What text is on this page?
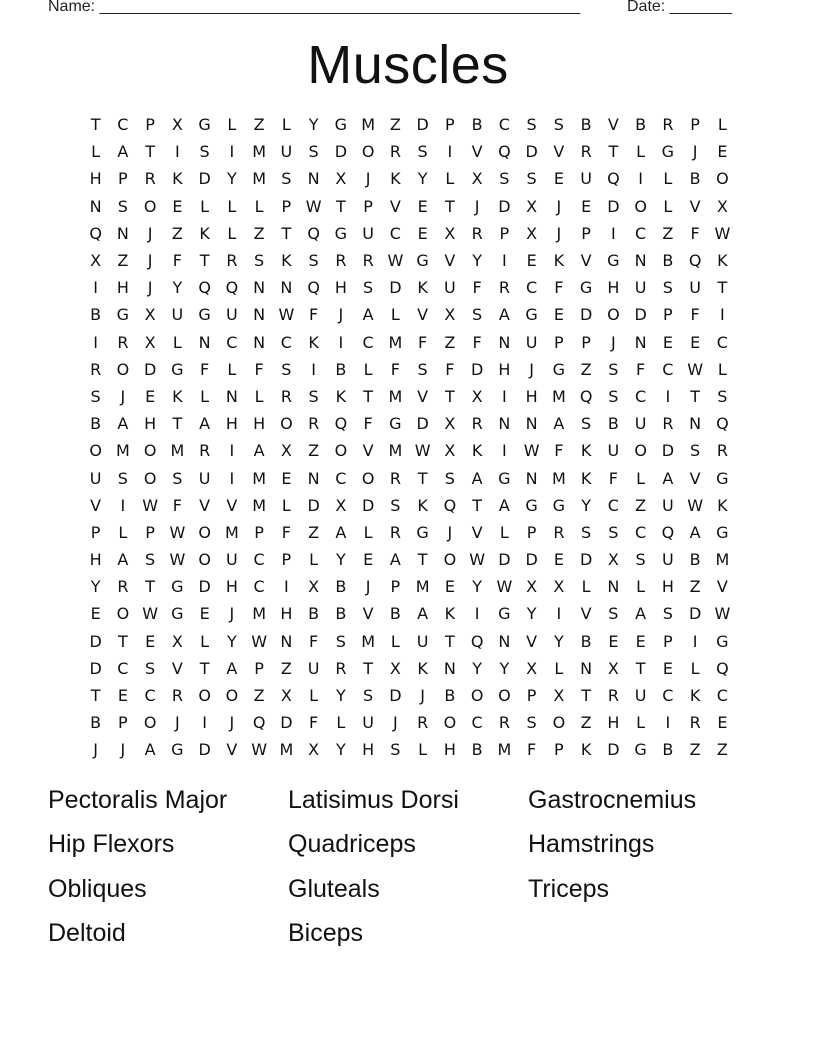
Name: ______________________________________________________	Date: _______
Muscles
T	C	P	X G	L	Z	L	Y	G M Z D	P	B	C	S	S	B	V	B	R	P	L
L	A	T	I	S	I	M U	S	D O R	S	I	V Q D V	R	T	L	G	J	E
H	P	R	K D	Y M S	N X	J	K	Y	L	X	S	S	E	U Q	I	L	B O
N	S O E	L	L	L	P W T	P	V	E	T	J	D X	J	E	D O	L	V	X
Q N	J	Z	K	L	Z	T	Q G U C	E	X	R	P	X	J	P	I	C	Z	F W
X	Z	J	F	T	R	S	K	S	R	R W G V	Y	I	E	K	V G N B Q K
I	H	J	Y	Q Q N N Q H	S	D K	U	F	R	C	F	G H U	S	U	T
B G X U G U N W F	J	A	L	V	X	S	A G E	D O D	P	F	I
I	R	X	L	N C N C	K	I	C M F	Z	F	N U	P	P	J	N	E	E	C
R O D G	F	L	F	S	I	B	L	F	S	F	D H	J	G Z	S	F	C W L
S	J	E	K	L	N	L	R	S	K	T M V	T	X	I	H M Q S	C	I	T	S
B	A H	T	A H H O R Q	F	G D X	R N N A	S	B U R N Q
O M O M R	I	A	X	Z O V M W X	K	I	W F	K	U O D	S	R
U	S O S	U	I	M E	N C O R	T	S	A G N M K	F	L	A	V G
V	I	W F	V	V M L	D X D	S	K Q	T	A G G	Y	C	Z U W K
P	L	P W O M P	F	Z	A	L	R G	J	V	L	P	R	S	S	C Q A G
H A	S W O U C	P	L	Y	E	A	T	O W D D	E	D X	S	U B M
Y	R	T	G D H C	I	X	B	J	P M E	Y W X	X	L	N	L	H Z	V
E O W G E	J	M H B	B	V	B	A	K	I	G	Y	I	V	S	A	S	D W
D	T	E	X	L	Y W N	F	S M L	U	T	Q N V	Y	B	E	E	P	I	G
D C	S	V	T	A	P	Z U R	T	X	K	N	Y	Y	X	L	N X	T	E	L	Q
T	E	C	R O O Z	X	L	Y	S	D	J	B O O	P	X	T	R U C	K	C
B	P	O	J	I	J	Q D	F	L	U	J	R O C	R	S O Z H	L	I	R	E
J	J	A G D V W M X	Y	H	S	L	H B M F	P	K D G B	Z	Z
Pectoralis Major	Latisimus Dorsi	Gastrocnemius
Hip Flexors	Quadriceps	Hamstrings
Obliques	Gluteals	Triceps
Deltoid	Biceps
